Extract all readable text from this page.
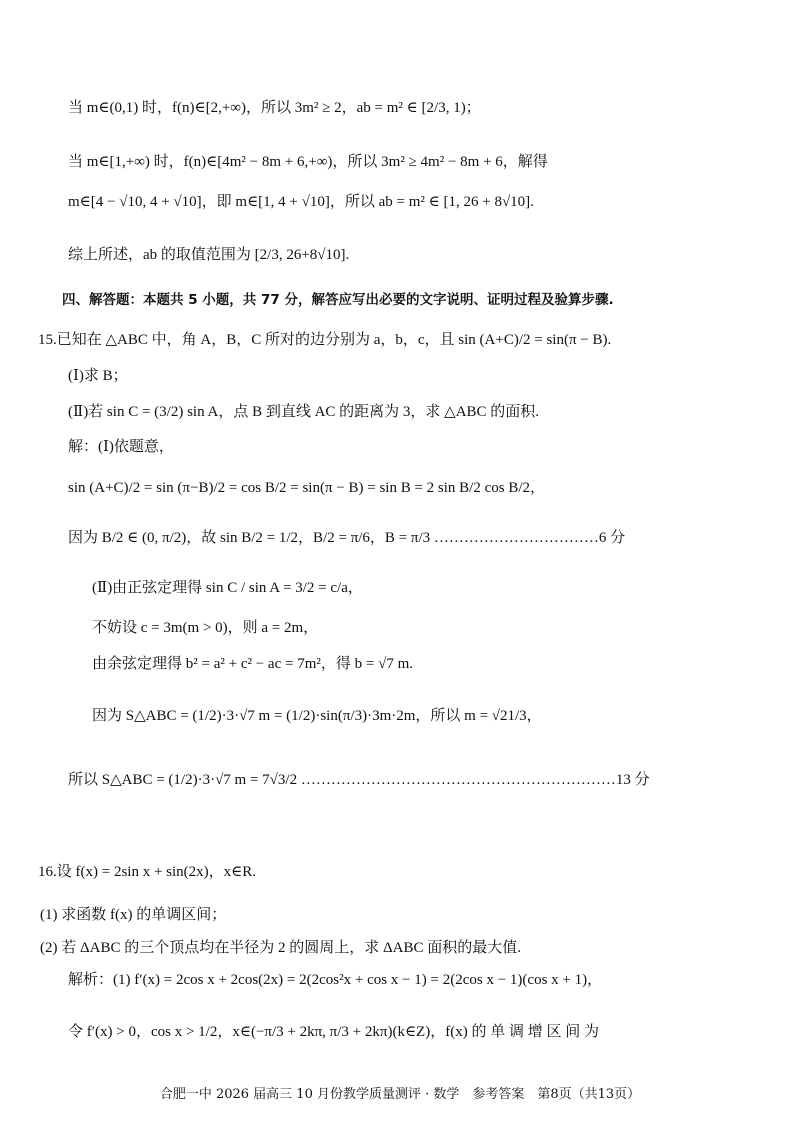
当 m∈(0,1) 时，f(n)∈[2,+∞)，所以 3m² ≥ 2，ab = m² ∈ [2/3, 1)；
当 m∈[1,+∞) 时，f(n)∈[4m² − 8m + 6,+∞)，所以 3m² ≥ 4m² − 8m + 6，解得
m∈[4 − √10, 4 + √10]，即 m∈[1, 4 + √10]，所以 ab = m² ∈ [1, 26 + 8√10].
综上所述，ab 的取值范围为 [2/3, 26+8√10].
四、解答题：本题共 5 小题，共 77 分，解答应写出必要的文字说明、证明过程及验算步骤.
15.已知在 △ABC 中，角 A，B，C 所对的边分别为 a，b，c，且 sin (A+C)/2 = sin(π − B).
(Ⅰ)求 B；
(Ⅱ)若 sin C = (3/2) sin A，点 B 到直线 AC 的距离为 3，求 △ABC 的面积.
解：(Ⅰ)依题意，
sin (A+C)/2 = sin (π−B)/2 = cos B/2 = sin(π − B) = sin B = 2 sin B/2 cos B/2，
因为 B/2 ∈ (0, π/2)，故 sin B/2 = 1/2，B/2 = π/6，B = π/3 ……………………………6 分
(Ⅱ)由正弦定理得 sin C / sin A = 3/2 = c/a，
不妨设 c = 3m(m > 0)，则 a = 2m，
由余弦定理得 b² = a² + c² − ac = 7m²，得 b = √7 m.
因为 S△ABC = (1/2)·3·√7 m = (1/2)·sin(π/3)·3m·2m，所以 m = √21/3，
所以 S△ABC = (1/2)·3·√7 m = 7√3/2 ………………………………………………………13 分
16.设 f(x) = 2sin x + sin(2x)，x∈R.
(1) 求函数 f(x) 的单调区间；
(2) 若 ΔABC 的三个顶点均在半径为 2 的圆周上，求 ΔABC 面积的最大值.
解析：(1) f′(x) = 2cos x + 2cos(2x) = 2(2cos²x + cos x − 1) = 2(2cos x − 1)(cos x + 1)，
令 f′(x) > 0，cos x > 1/2，x∈(−π/3 + 2kπ, π/3 + 2kπ)(k∈Z)，f(x) 的 单 调 增 区 间 为
合肥一中 2026 届高三 10 月份教学质量测评 · 数学　参考答案　第8页（共13页）
